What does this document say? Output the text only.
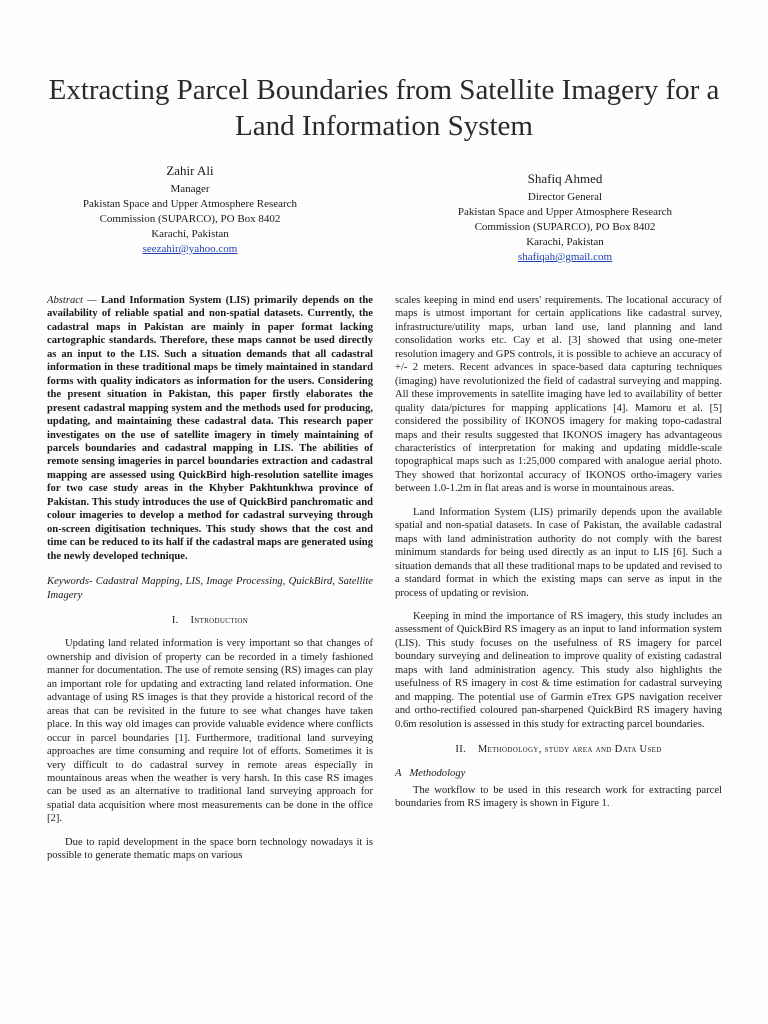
Extracting Parcel Boundaries from Satellite Imagery for a Land Information System
Zahir Ali
Manager
Pakistan Space and Upper Atmosphere Research
Commission (SUPARCO), PO Box 8402
Karachi, Pakistan
seezahir@yahoo.com
Shafiq Ahmed
Director General
Pakistan Space and Upper Atmosphere Research
Commission (SUPARCO), PO Box 8402
Karachi, Pakistan
shafiqah@gmail.com

Abstract — Land Information System (LIS) primarily depends on the availability of reliable spatial and non-spatial datasets. Currently, the cadastral maps in Pakistan are mainly in paper format lacking cartographic standards. Therefore, these maps cannot be used directly as an input to the LIS. Such a situation demands that all cadastral information in these traditional maps be timely maintained in standard forms with quality indicators as information for the users. Considering the present situation in Pakistan, this paper firstly elaborates the present cadastral mapping system and the methods used for producing, updating, and maintaining these cadastral data. This research paper investigates on the use of satellite imagery in timely maintaining of parcels boundaries and cadastral mapping in LIS. The abilities of remote sensing imageries in parcel boundaries extraction and cadastral mapping are assessed using QuickBird high-resolution satellite images for two case study areas in the Khyber Pakhtunkhwa province of Pakistan. This study introduces the use of QuickBird panchromatic and colour imageries to develop a method for cadastral surveying through on-screen digitisation techniques. This study shows that the cost and time can be reduced to its half if the cadastral maps are generated using the newly developed technique.

Keywords- Cadastral Mapping, LIS, Image Processing, QuickBird, Satellite Imagery

I. Introduction

Updating land related information is very important so that changes of ownership and division of property can be recorded in a timely fashioned manner for documentation. The use of remote sensing (RS) images can play an important role for updating and extracting land related information. One advantage of using RS images is that they provide a historical record of the areas that can be revisited in the future to see what changes have taken place. In this way old images can provide valuable evidence where conflicts occur in parcel boundaries [1]. Furthermore, traditional land surveying approaches are time consuming and require lot of efforts. Sometimes it is very difficult to do cadastral survey in remote areas especially in mountainous areas when the weather is very harsh. In this case RS images can be used as an alternative to traditional land surveying approach for spatial data acquisition where most measurements can be done in the office [2].

Due to rapid development in the space born technology nowadays it is possible to generate thematic maps on various

scales keeping in mind end users' requirements. The locational accuracy of maps is utmost important for certain applications like cadastral survey, infrastructure/utility maps, urban land use, land planning and land consolidation works etc. Cay et al. [3] showed that using one-meter resolution imagery and GPS controls, it is possible to achieve an accuracy of +/- 2 meters. Recent advances in space-based data capturing techniques (imaging) have revolutionized the field of cadastral surveying and mapping. All these improvements in satellite imaging have led to availability of better quality data/pictures for mapping applications [4]. Mamoru et al. [5] considered the possibility of IKONOS imagery for making topo-cadastral maps and their results suggested that IKONOS imagery has advantageous characteristics of interpretation for making and updating middle-scale topographical maps such as 1:25,000 compared with analogue aerial photo. They showed that horizontal accuracy of IKONOS ortho-imagery varies between 1.0-1.2m in flat areas and is worse in mountainous areas.

Land Information System (LIS) primarily depends upon the available spatial and non-spatial datasets. In case of Pakistan, the available cadastral maps with land administration authority do not comply with the barest minimum standards for being used directly as an input to LIS [6]. Such a situation demands that all these traditional maps to be updated and revised to a standard format in which the existing maps can serve as input in the process of updating or revision.

Keeping in mind the importance of RS imagery, this study includes an assessment of QuickBird RS imagery as an input to land information system (LIS). This study focuses on the usefulness of RS imagery for parcel boundary surveying and delineation to improve quality of existing cadastral maps with land administration agency. This study also highlights the usefulness of RS imagery in cost & time estimation for cadastral surveying and mapping. The potential use of Garmin eTrex GPS navigation receiver and ortho-rectified coloured pan-sharpened QuickBird RS imagery having 0.6m resolution is assessed in this study for extracting parcel boundaries.

II. Methodology, study area and Data Used

A Methodology

The workflow to be used in this research work for extracting parcel boundaries from RS imagery is shown in Figure 1.
